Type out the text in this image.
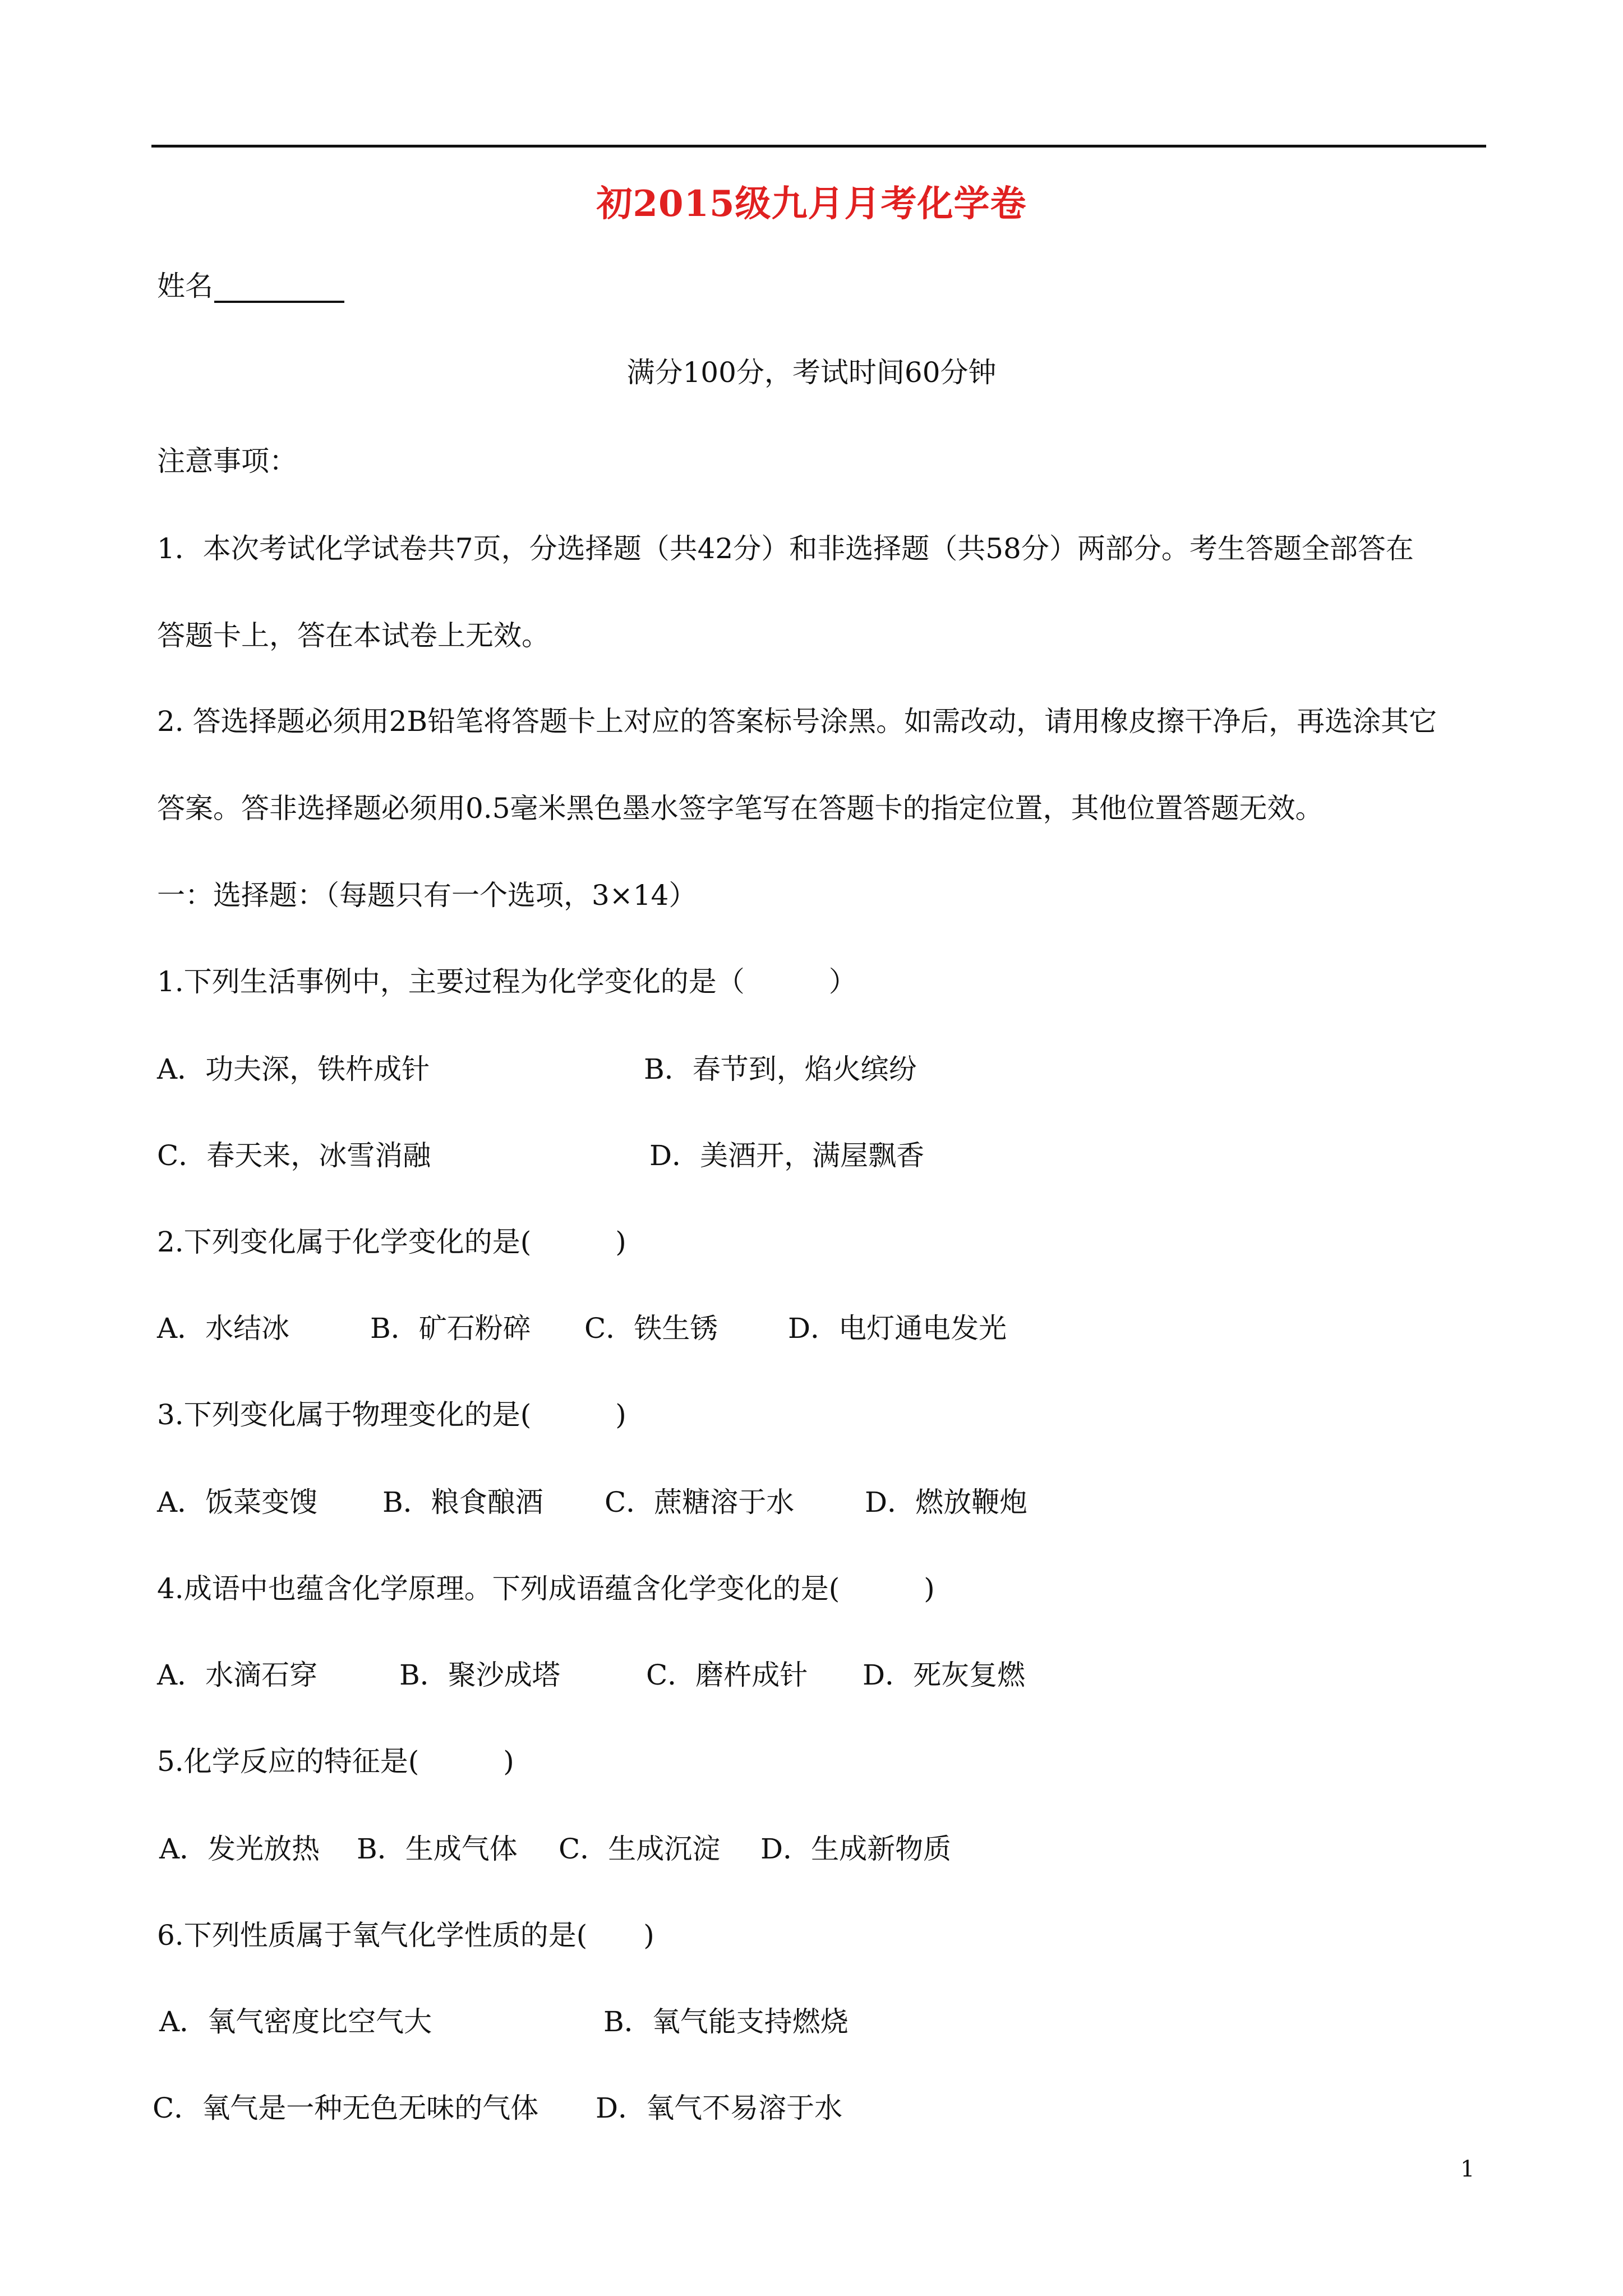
初2015级九月月考化学卷
姓名
满分100分，考试时间60分钟
注意事项：
1．本次考试化学试卷共7页，分选择题（共42分）和非选择题（共58分）两部分。考生答题全部答在
答题卡上，答在本试卷上无效。
2. 答选择题必须用2B铅笔将答题卡上对应的答案标号涂黑。如需改动，请用橡皮擦干净后，再选涂其它
答案。答非选择题必须用0.5毫米黑色墨水签字笔写在答题卡的指定位置，其他位置答题无效。
一：选择题：（每题只有一个选项，3×14）
1.下列生活事例中，主要过程为化学变化的是（　　　）
A．功夫深，铁杵成针	B．春节到，焰火缤纷
C．春天来，冰雪消融	D．美酒开，满屋飘香
2.下列变化属于化学变化的是(　　　)
A．水结冰	B．矿石粉碎 C．铁生锈 D．电灯通电发光
3.下列变化属于物理变化的是(　　　)
A．饭菜变馊 B．粮食酿酒 C．蔗糖溶于水	D．燃放鞭炮
4.成语中也蕴含化学原理。下列成语蕴含化学变化的是(　　　)
A．水滴石穿	B．聚沙成塔	C．磨杵成针 D．死灰复燃
5.化学反应的特征是(　　　)
A．发光放热 B．生成气体 C．生成沉淀 D．生成新物质
6.下列性质属于氧气化学性质的是(　　)
A．氧气密度比空气大	B．氧气能支持燃烧
C．氧气是一种无色无味的气体 D．氧气不易溶于水
1
